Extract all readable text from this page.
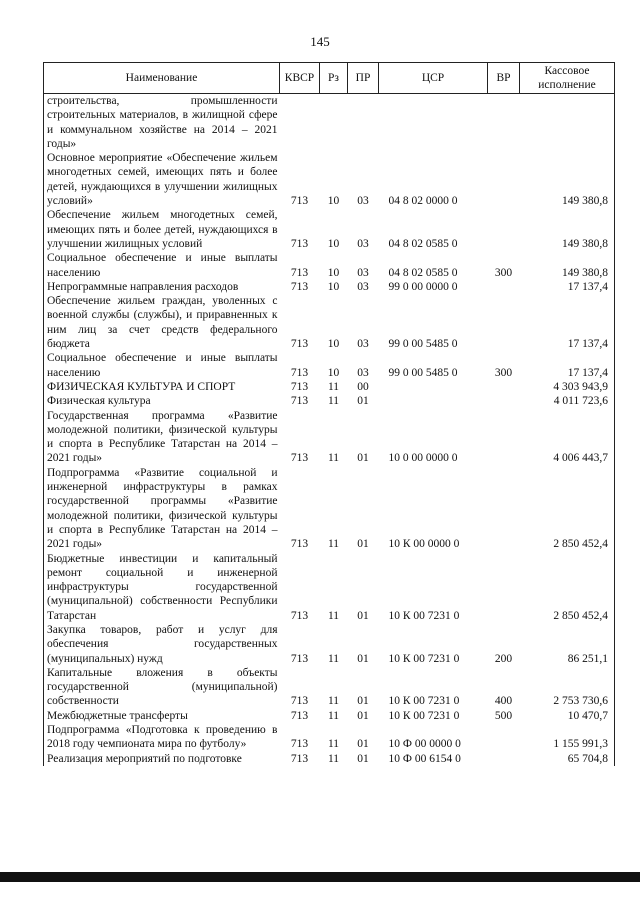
145
Наименование	КВСР	Рз	ПР	ЦСР	ВР	Кассовое
исполнение

строительства, промышленности строительных материалов, в жилищной сфере и коммунальном хозяйстве на 2014 – 2021 годы»						
Основное мероприятие «Обеспечение жильем многодетных семей, имеющих пять и более детей, нуждающихся в улучшении жилищных условий»	713	10	03	04 8 02 0000 0		149 380,8
Обеспечение жильем многодетных семей, имеющих пять и более детей, нуждающихся в улучшении жилищных условий	713	10	03	04 8 02 0585 0		149 380,8
Социальное обеспечение и иные выплаты населению	713	10	03	04 8 02 0585 0	300	149 380,8
Непрограммные направления расходов	713	10	03	99 0 00 0000 0		17 137,4
Обеспечение жильем граждан, уволенных с военной службы (службы), и приравненных к ним лиц за счет средств федерального бюджета	713	10	03	99 0 00 5485 0		17 137,4
Социальное обеспечение и иные выплаты населению	713	10	03	99 0 00 5485 0	300	17 137,4
ФИЗИЧЕСКАЯ КУЛЬТУРА И СПОРТ	713	11	00			4 303 943,9
Физическая культура	713	11	01			4 011 723,6
Государственная программа «Развитие молодежной политики, физической культуры и спорта в Республике Татарстан на 2014 – 2021 годы»	713	11	01	10 0 00 0000 0		4 006 443,7
Подпрограмма «Развитие социальной и инженерной инфраструктуры в рамках государственной программы «Развитие молодежной политики, физической культуры и спорта в Республике Татарстан на 2014 – 2021 годы»	713	11	01	10 К 00 0000 0		2 850 452,4
Бюджетные инвестиции и капитальный ремонт социальной и инженерной инфраструктуры государственной (муниципальной) собственности Республики Татарстан	713	11	01	10 К 00 7231 0		2 850 452,4
Закупка товаров, работ и услуг для обеспечения государственных (муниципальных) нужд	713	11	01	10 К 00 7231 0	200	86 251,1
Капитальные вложения в объекты государственной (муниципальной) собственности	713	11	01	10 К 00 7231 0	400	2 753 730,6
Межбюджетные трансферты	713	11	01	10 К 00 7231 0	500	10 470,7
Подпрограмма «Подготовка к проведению в 2018 году чемпионата мира по футболу»	713	11	01	10 Ф 00 0000 0		1 155 991,3
Реализация мероприятий по подготовке	713	11	01	10 Ф 00 6154 0		65 704,8
